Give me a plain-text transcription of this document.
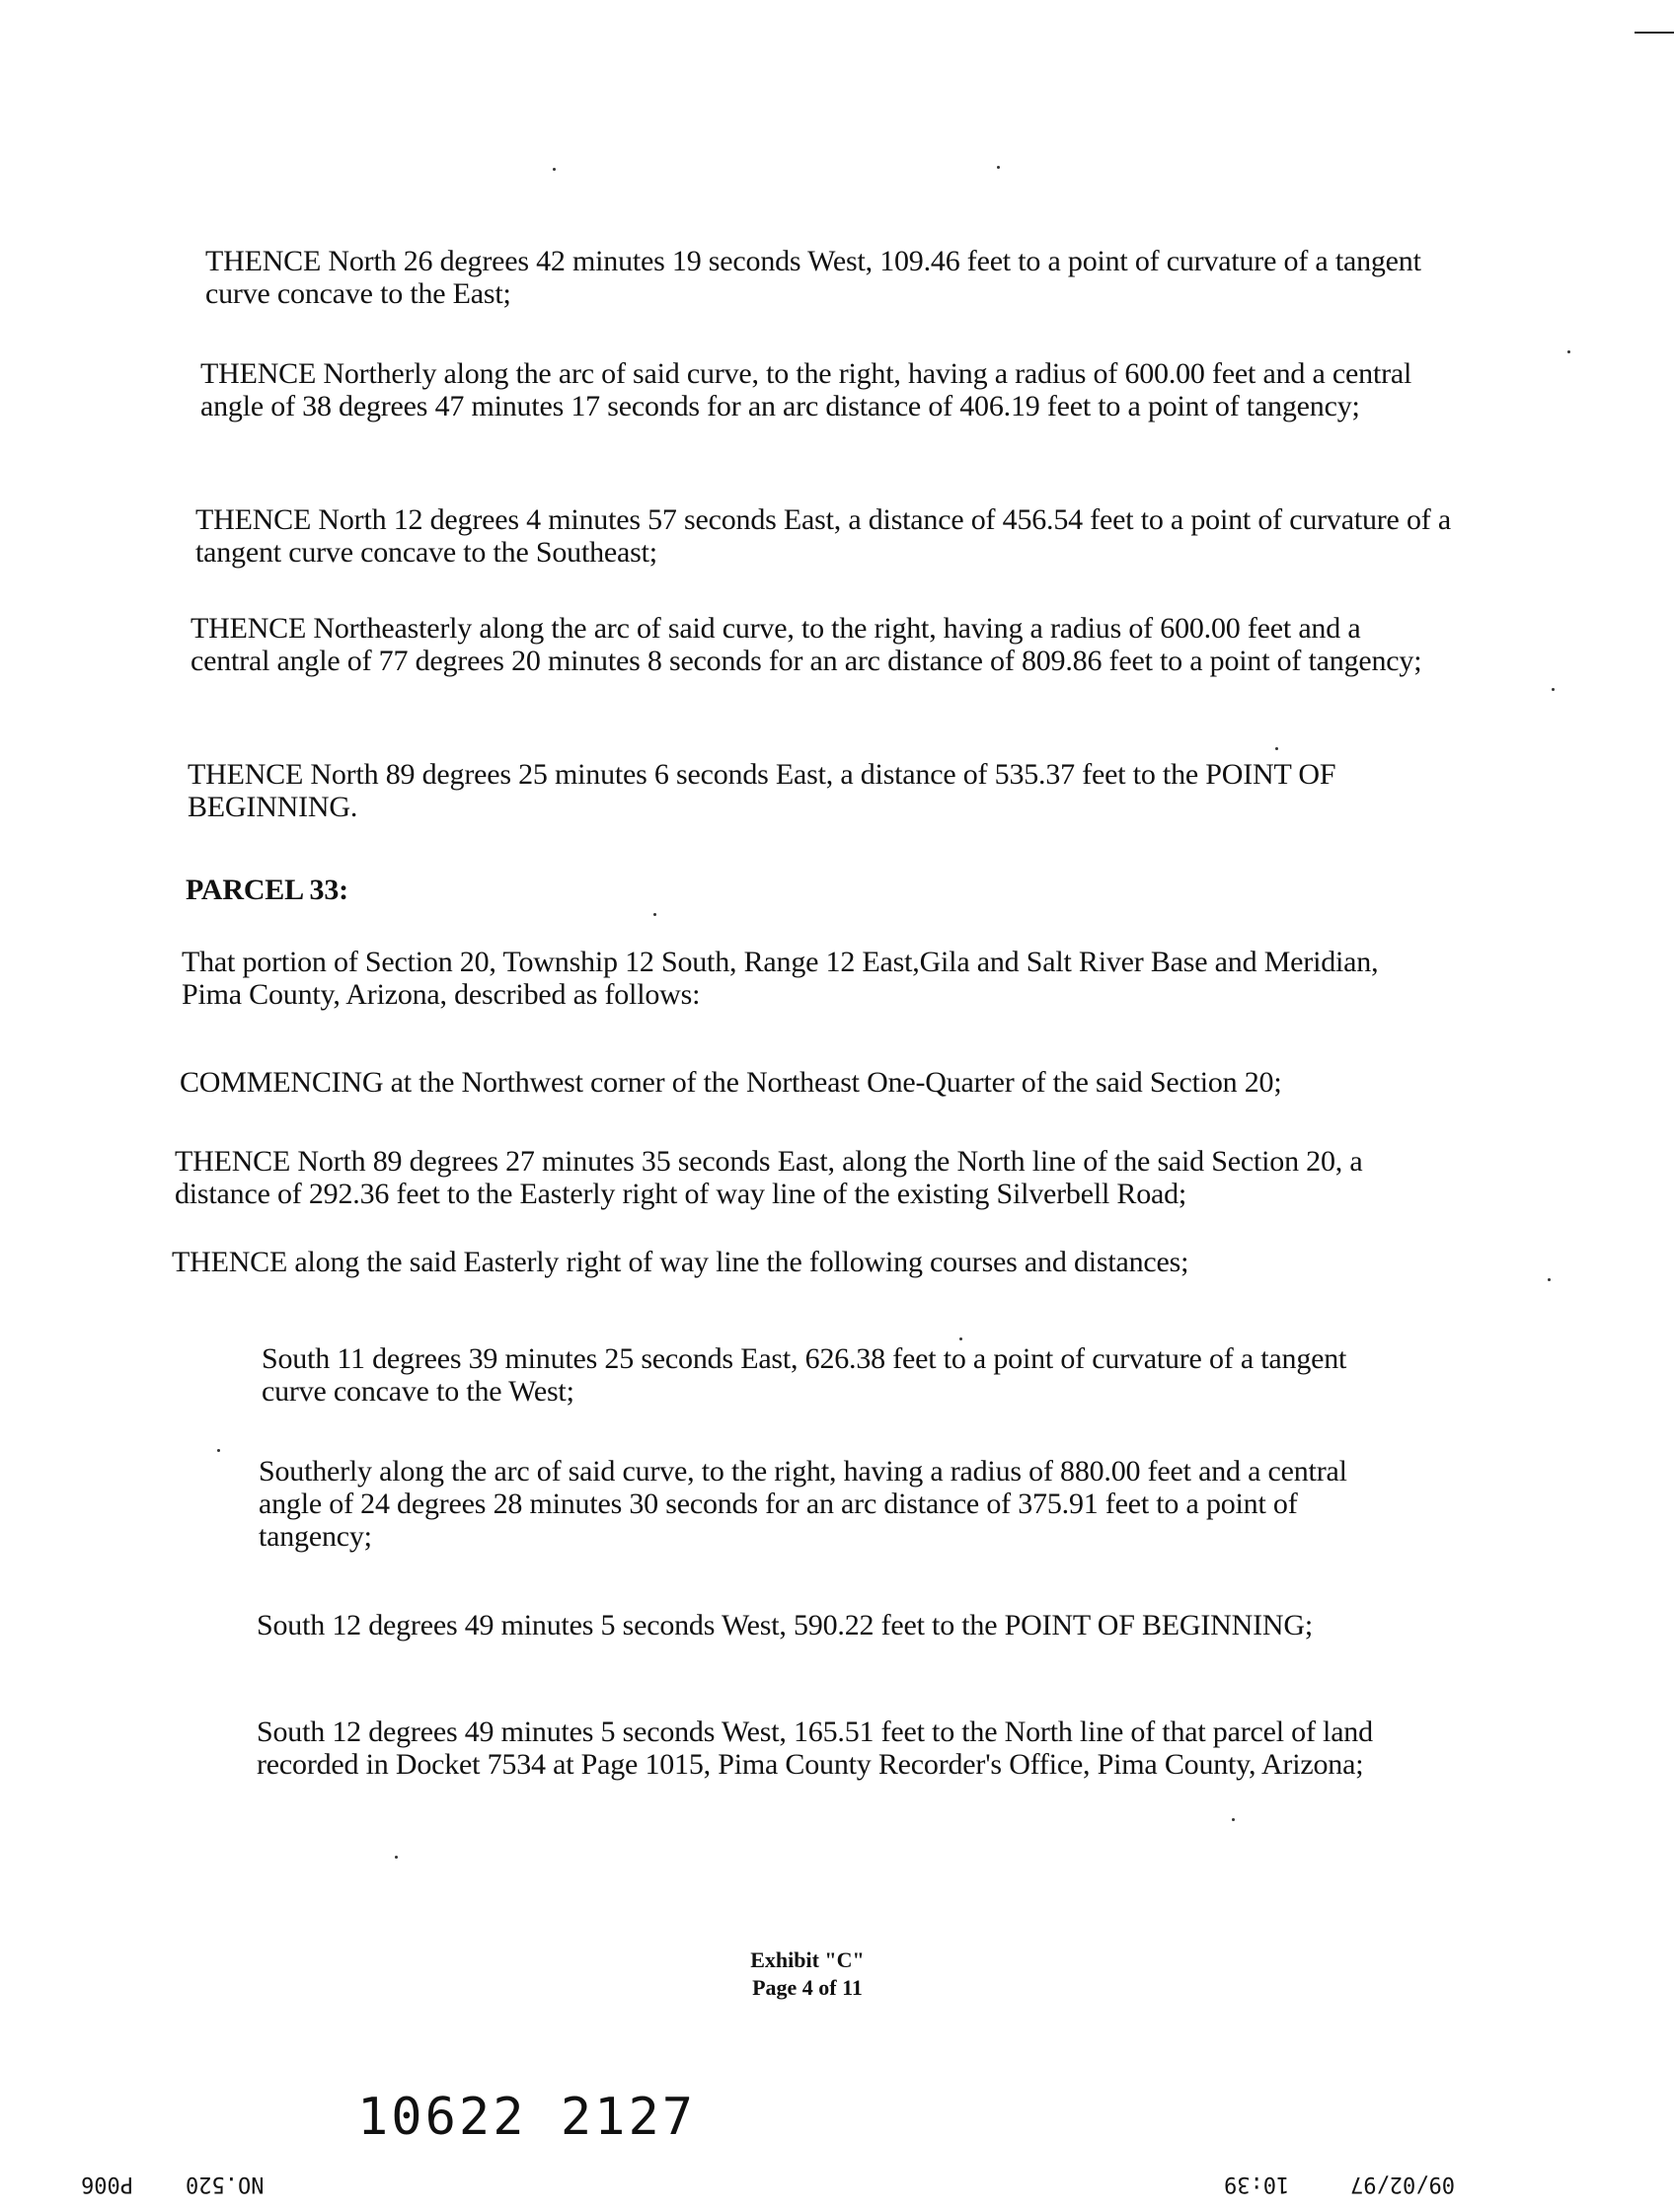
THENCE North 26 degrees 42 minutes 19 seconds West, 109.46 feet to a point of curvature of a tangent curve concave to the East;

THENCE Northerly along the arc of said curve, to the right, having a radius of 600.00 feet and a central angle of 38 degrees 47 minutes 17 seconds for an arc distance of 406.19 feet to a point of tangency;

THENCE North 12 degrees 4 minutes 57 seconds East, a distance of 456.54 feet to a point of curvature of a tangent curve concave to the Southeast;

THENCE Northeasterly along the arc of said curve, to the right, having a radius of 600.00 feet and a central angle of 77 degrees 20 minutes 8 seconds for an arc distance of 809.86 feet to a point of tangency;

THENCE North 89 degrees 25 minutes 6 seconds East, a distance of 535.37 feet to the POINT OF BEGINNING.

PARCEL 33:

That portion of Section 20, Township 12 South, Range 12 East,Gila and Salt River Base and Meridian, Pima County, Arizona, described as follows:

COMMENCING at the Northwest corner of the Northeast One-Quarter of the said Section 20;

THENCE North 89 degrees 27 minutes 35 seconds East, along the North line of the said Section 20, a distance of 292.36 feet to the Easterly right of way line of the existing Silverbell Road;

THENCE along the said Easterly right of way line the following courses and distances;

South 11 degrees 39 minutes 25 seconds East, 626.38 feet to a point of curvature of a tangent curve concave to the West;

Southerly along the arc of said curve, to the right, having a radius of 880.00 feet and a central angle of 24 degrees 28 minutes 30 seconds for an arc distance of 375.91 feet to a point of tangency;

South 12 degrees 49 minutes 5 seconds West, 590.22 feet to the POINT OF BEGINNING;

South 12 degrees 49 minutes 5 seconds West, 165.51 feet to the North line of that parcel of land recorded in Docket 7534 at Page 1015, Pima County Recorder's Office, Pima County, Arizona;

Exhibit "C"
Page 4 of 11
10622 2127
P006 NO.520	10:39	09/02/97
